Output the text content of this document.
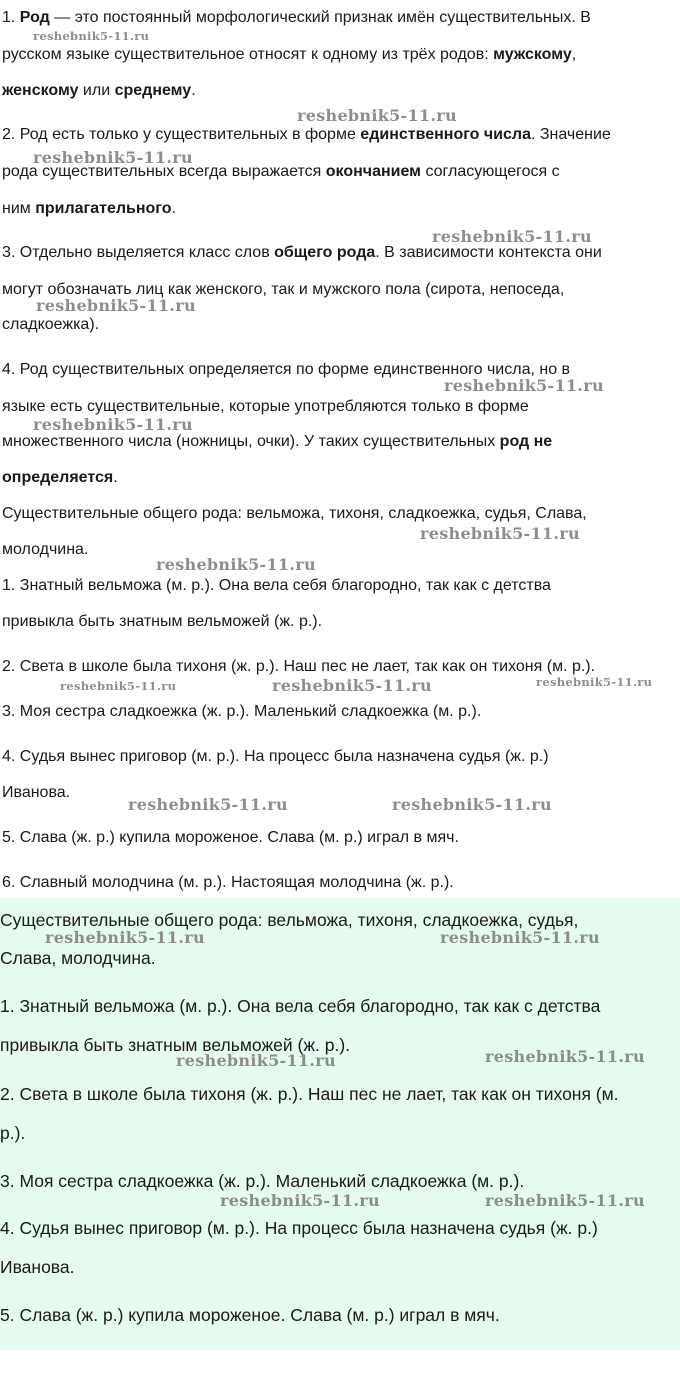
1. Род — это постоянный морфологический признак имён существительных. В
русском языке существительное относят к одному из трёх родов: мужскому,
женскому или среднему.
2. Род есть только у существительных в форме единственного числа. Значение
рода существительных всегда выражается окончанием согласующегося с
ним прилагательного.
3. Отдельно выделяется класс слов общего рода. В зависимости контекста они
могут обозначать лиц как женского, так и мужского пола (сирота, непоседа,
сладкоежка).
4. Род существительных определяется по форме единственного числа, но в
языке есть существительные, которые употребляются только в форме
множественного числа (ножницы, очки). У таких существительных род не
определяется.
Существительные общего рода: вельможа, тихоня, сладкоежка, судья, Слава,
молодчина.
1. Знатный вельможа (м. р.). Она вела себя благородно, так как с детства
привыкла быть знатным вельможей (ж. р.).
2. Света в школе была тихоня (ж. р.). Наш пес не лает, так как он тихоня (м. р.).
3. Моя сестра сладкоежка (ж. р.). Маленький сладкоежка (м. р.).
4. Судья вынес приговор (м. р.). На процесс была назначена судья (ж. р.)
Иванова.
5. Слава (ж. р.) купила мороженое. Слава (м. р.) играл в мяч.
6. Славный молодчина (м. р.). Настоящая молодчина (ж. р.).
Существительные общего рода: вельможа, тихоня, сладкоежка, судья,
Слава, молодчина.
1. Знатный вельможа (м. р.). Она вела себя благородно, так как с детства
привыкла быть знатным вельможей (ж. р.).
2. Света в школе была тихоня (ж. р.). Наш пес не лает, так как он тихоня (м.
р.).
3. Моя сестра сладкоежка (ж. р.). Маленький сладкоежка (м. р.).
4. Судья вынес приговор (м. р.). На процесс была назначена судья (ж. р.)
Иванова.
5. Слава (ж. р.) купила мороженое. Слава (м. р.) играл в мяч.
reshebnik5-11.ru
reshebnik5-11.ru
reshebnik5-11.ru
reshebnik5-11.ru
reshebnik5-11.ru
reshebnik5-11.ru
reshebnik5-11.ru
reshebnik5-11.ru
reshebnik5-11.ru
reshebnik5-11.ru	reshebnik5-11.ru	reshebnik5-11.ru
reshebnik5-11.ru	reshebnik5-11.ru
reshebnik5-11.ru	reshebnik5-11.ru
reshebnik5-11.ru	reshebnik5-11.ru
reshebnik5-11.ru	reshebnik5-11.ru
